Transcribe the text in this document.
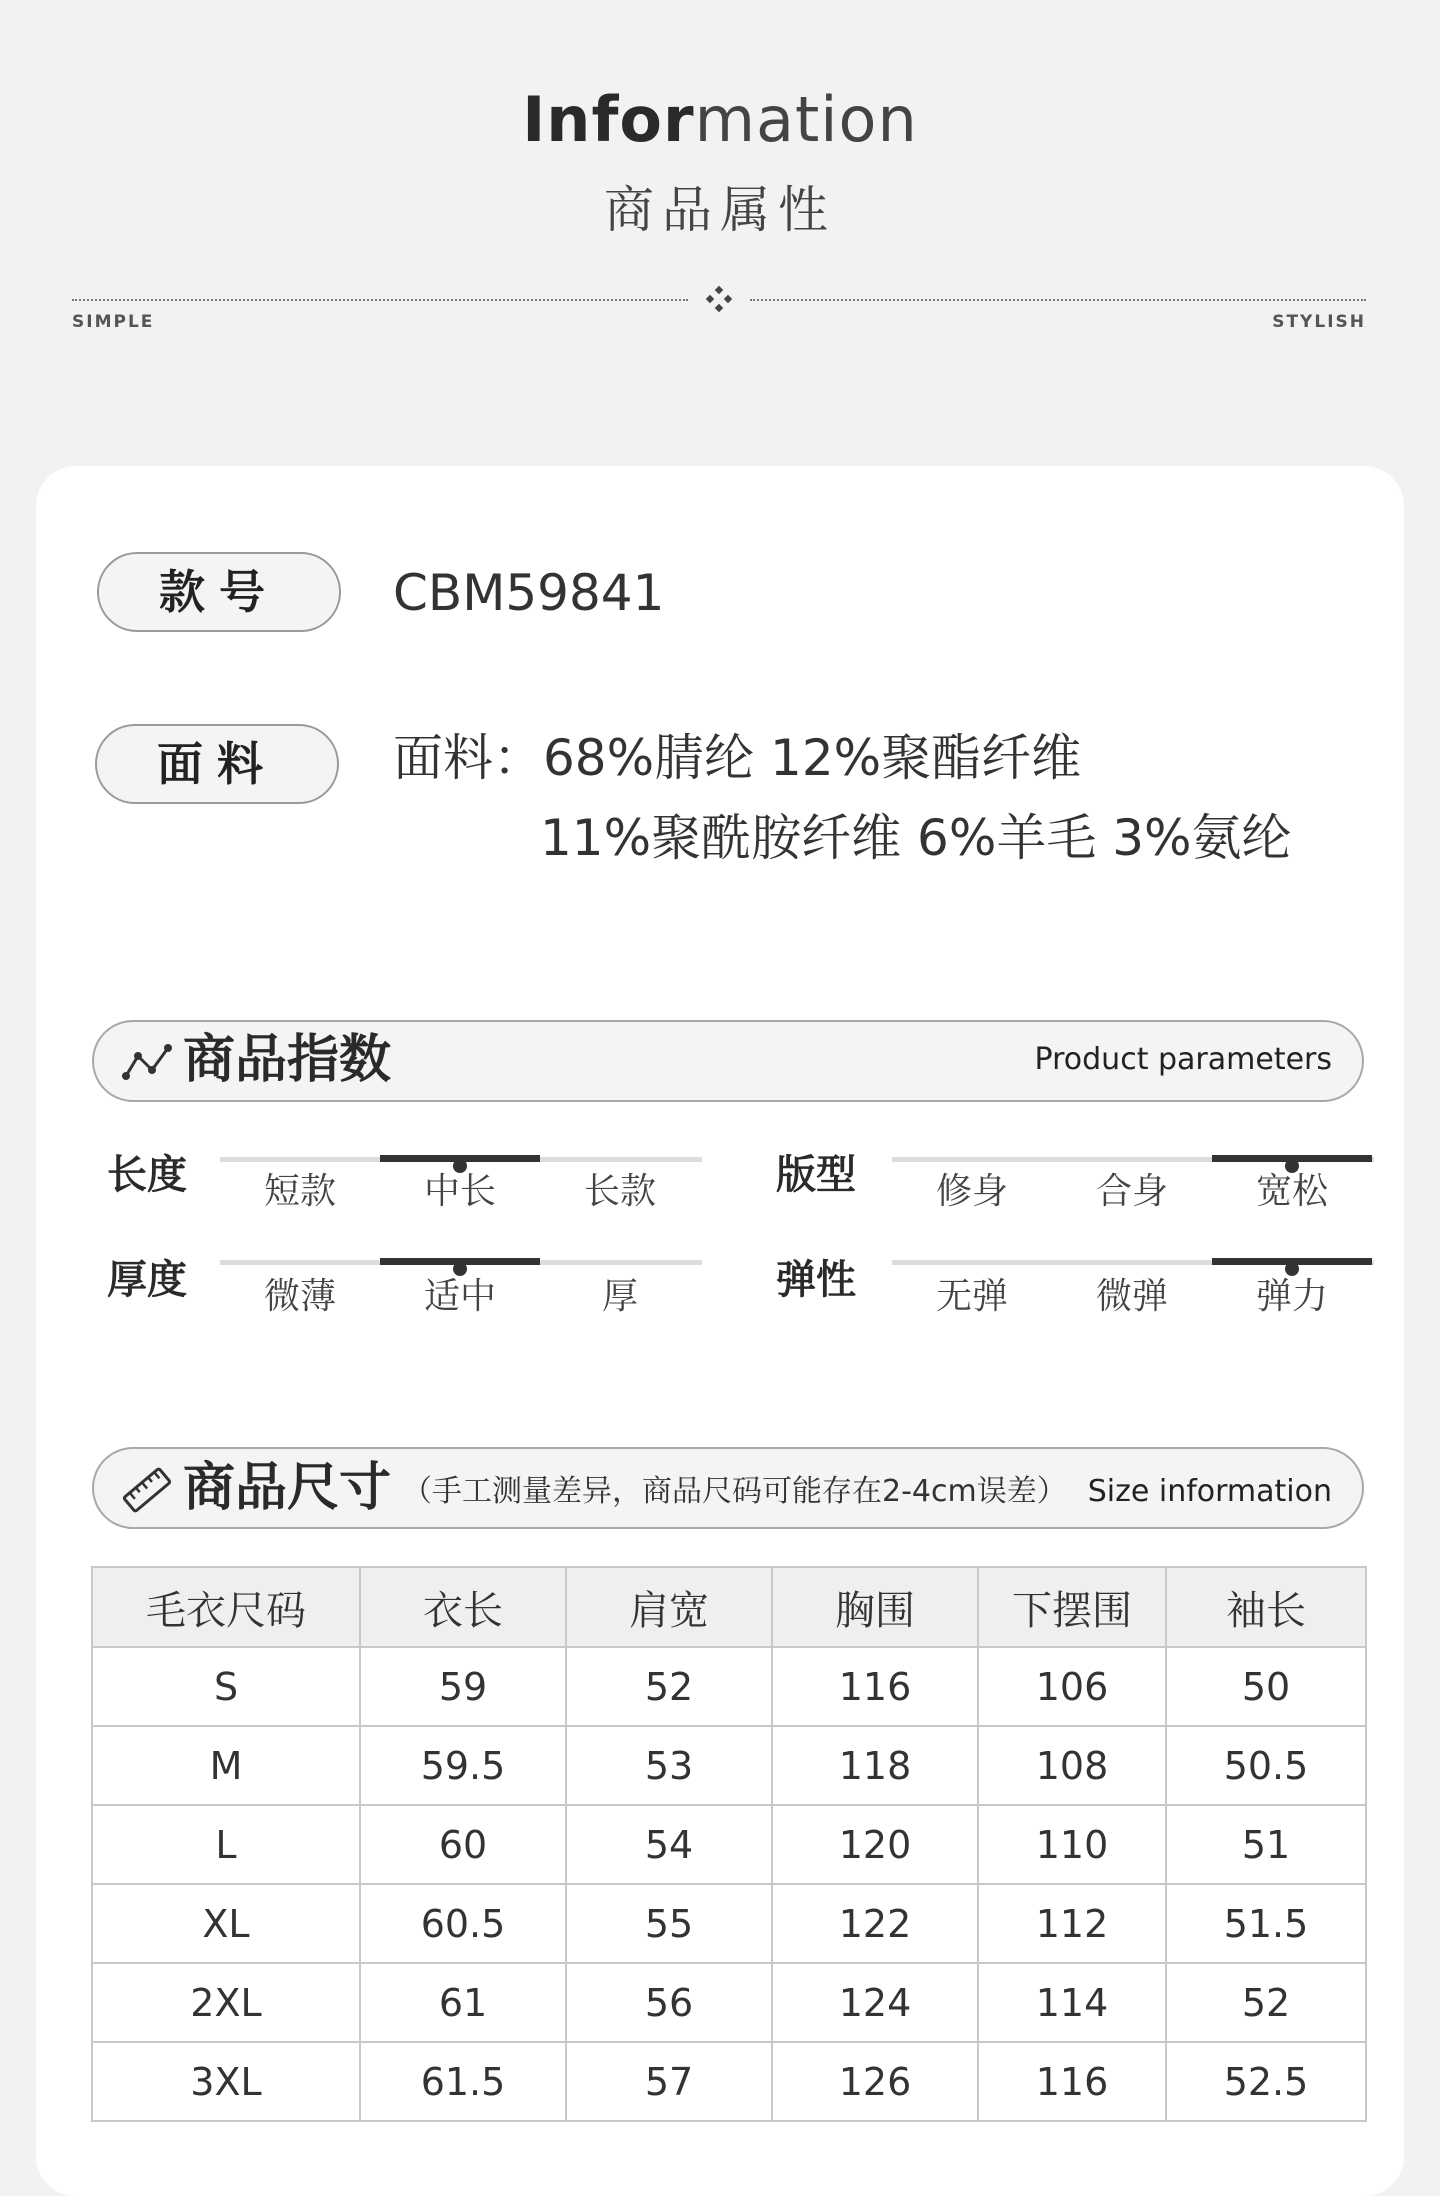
Information
商品属性
SIMPLE	STYLISH
款号	CBM59841
面料	面料：68%腈纶 12%聚酯纤维
11%聚酰胺纤维 6%羊毛 3%氨纶
商品指数	Product parameters
长度	短款	中长	长款	版型	修身	合身	宽松
厚度	微薄	适中	厚	弹性	无弹	微弹	弹力
商品尺寸 （手工测量差异，商品尺码可能存在2-4cm误差） Size information
毛衣尺码	衣长	肩宽	胸围	下摆围	袖长
S	59	52	116	106	50
M	59.5	53	118	108	50.5
L	60	54	120	110	51
XL	60.5	55	122	112	51.5
2XL	61	56	124	114	52
3XL	61.5	57	126	116	52.5
